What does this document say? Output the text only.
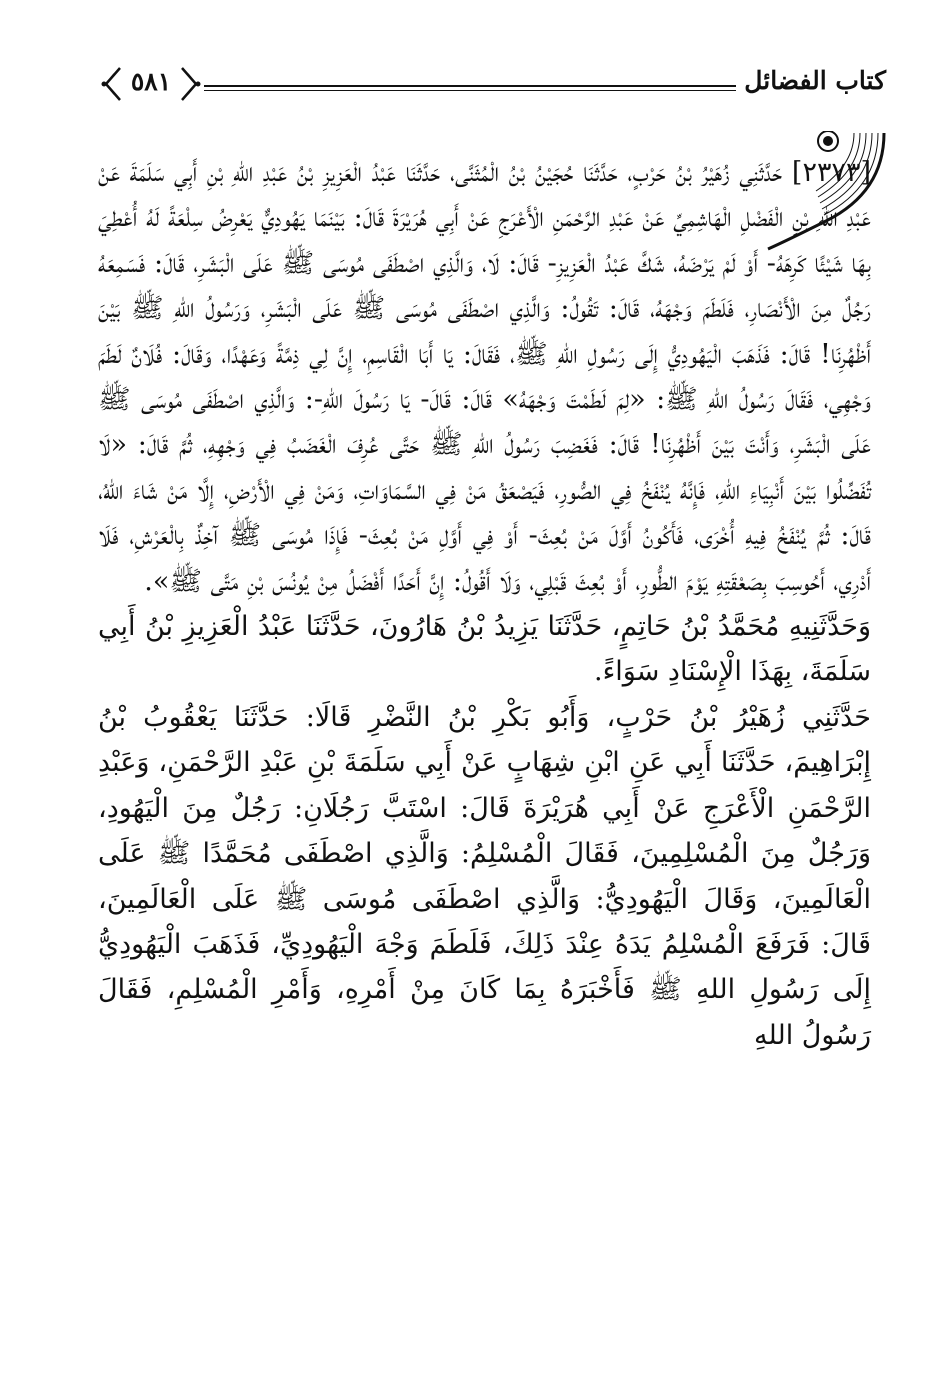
كتاب الفضائل
٥٨١

[٢٣٧٣] حَدَّثَنِي زُهَيْرُ بْنُ حَرْبٍ، حَدَّثَنَا حُجَيْنُ بْنُ الْمُثَنَّى، حَدَّثَنَا عَبْدُ الْعَزِيزِ بْنُ عَبْدِ اللهِ بْنِ أَبِي سَلَمَةَ عَنْ عَبْدِ اللهِ بْنِ الْفَضْلِ الْهَاشِمِيِّ عَنْ عَبْدِ الرَّحْمَنِ الْأَعْرَجِ عَنْ أَبِي هُرَيْرَةَ قَالَ: بَيْنَمَا يَهُودِيٌّ يَعْرِضُ سِلْعَةً لَهُ أُعْطِيَ بِهَا شَيْئًا كَرِهَهُ- أَوْ لَمْ يَرْضَهُ، شَكَّ عَبْدُ الْعَزِيزِ- قَالَ: لَا، وَالَّذِي اصْطَفَى مُوسَى ﷺ عَلَى الْبَشَرِ، قَالَ: فَسَمِعَهُ رَجُلٌ مِنَ الْأَنْصَارِ، فَلَطَمَ وَجْهَهُ، قَالَ: تَقُولُ: وَالَّذِي اصْطَفَى مُوسَى ﷺ عَلَى الْبَشَرِ، وَرَسُولُ اللهِ ﷺ بَيْنَ أَظْهُرِنَا! قَالَ: فَذَهَبَ الْيَهُودِيُّ إِلَى رَسُولِ اللهِ ﷺ، فَقَالَ: يَا أَبَا الْقَاسِمِ، إِنَّ لِي ذِمَّةً وَعَهْدًا، وَقَالَ: فُلَانٌ لَطَمَ وَجْهِي، فَقَالَ رَسُولُ اللهِ ﷺ: «لِمَ لَطَمْتَ وَجْهَهُ» قَالَ: قَالَ- يَا رَسُولَ اللهِ-: وَالَّذِي اصْطَفَى مُوسَى ﷺ عَلَى الْبَشَرِ، وَأَنْتَ بَيْنَ أَظْهُرِنَا! قَالَ: فَغَضِبَ رَسُولُ اللهِ ﷺ حَتَّى عُرِفَ الْغَضَبُ فِي وَجْهِهِ، ثُمَّ قَالَ: «لَا تُفَضِّلُوا بَيْنَ أَنْبِيَاءِ اللهِ، فَإِنَّهُ يُنْفَخُ فِي الصُّورِ، فَيَصْعَقُ مَنْ فِي السَّمَاوَاتِ، وَمَنْ فِي الْأَرْضِ، إِلَّا مَنْ شَاءَ اللهُ، قَالَ: ثُمَّ يُنْفَخُ فِيهِ أُخْرَى، فَأَكُونُ أَوَّلَ مَنْ بُعِثَ- أَوْ فِي أَوَّلِ مَنْ بُعِثَ- فَإِذَا مُوسَى ﷺ آخِذٌ بِالْعَرْشِ، فَلَا أَدْرِي، أَحُوسِبَ بِصَعْقَتِهِ يَوْمَ الطُّورِ، أَوْ بُعِثَ قَبْلِي، وَلَا أَقُولُ: إِنَّ أَحَدًا أَفْضَلُ مِنْ يُونُسَ بْنِ مَتَّى ﷺ».

وَحَدَّثَنِيهِ مُحَمَّدُ بْنُ حَاتِمٍ، حَدَّثَنَا يَزِيدُ بْنُ هَارُونَ، حَدَّثَنَا عَبْدُ الْعَزِيزِ بْنُ أَبِي سَلَمَةَ، بِهَذَا الْإِسْنَادِ سَوَاءً.

حَدَّثَنِي زُهَيْرُ بْنُ حَرْبٍ، وَأَبُو بَكْرِ بْنُ النَّضْرِ قَالَا: حَدَّثَنَا يَعْقُوبُ بْنُ إِبْرَاهِيمَ، حَدَّثَنَا أَبِي عَنِ ابْنِ شِهَابٍ عَنْ أَبِي سَلَمَةَ بْنِ عَبْدِ الرَّحْمَنِ، وَعَبْدِ الرَّحْمَنِ الْأَعْرَجِ عَنْ أَبِي هُرَيْرَةَ قَالَ: اسْتَبَّ رَجُلَانِ: رَجُلٌ مِنَ الْيَهُودِ، وَرَجُلٌ مِنَ الْمُسْلِمِينَ، فَقَالَ الْمُسْلِمُ: وَالَّذِي اصْطَفَى مُحَمَّدًا ﷺ عَلَى الْعَالَمِينَ، وَقَالَ الْيَهُودِيُّ: وَالَّذِي اصْطَفَى مُوسَى ﷺ عَلَى الْعَالَمِينَ، قَالَ: فَرَفَعَ الْمُسْلِمُ يَدَهُ عِنْدَ ذَلِكَ، فَلَطَمَ وَجْهَ الْيَهُودِيِّ، فَذَهَبَ الْيَهُودِيُّ إِلَى رَسُولِ اللهِ ﷺ فَأَخْبَرَهُ بِمَا كَانَ مِنْ أَمْرِهِ، وَأَمْرِ الْمُسْلِمِ، فَقَالَ رَسُولُ اللهِ
